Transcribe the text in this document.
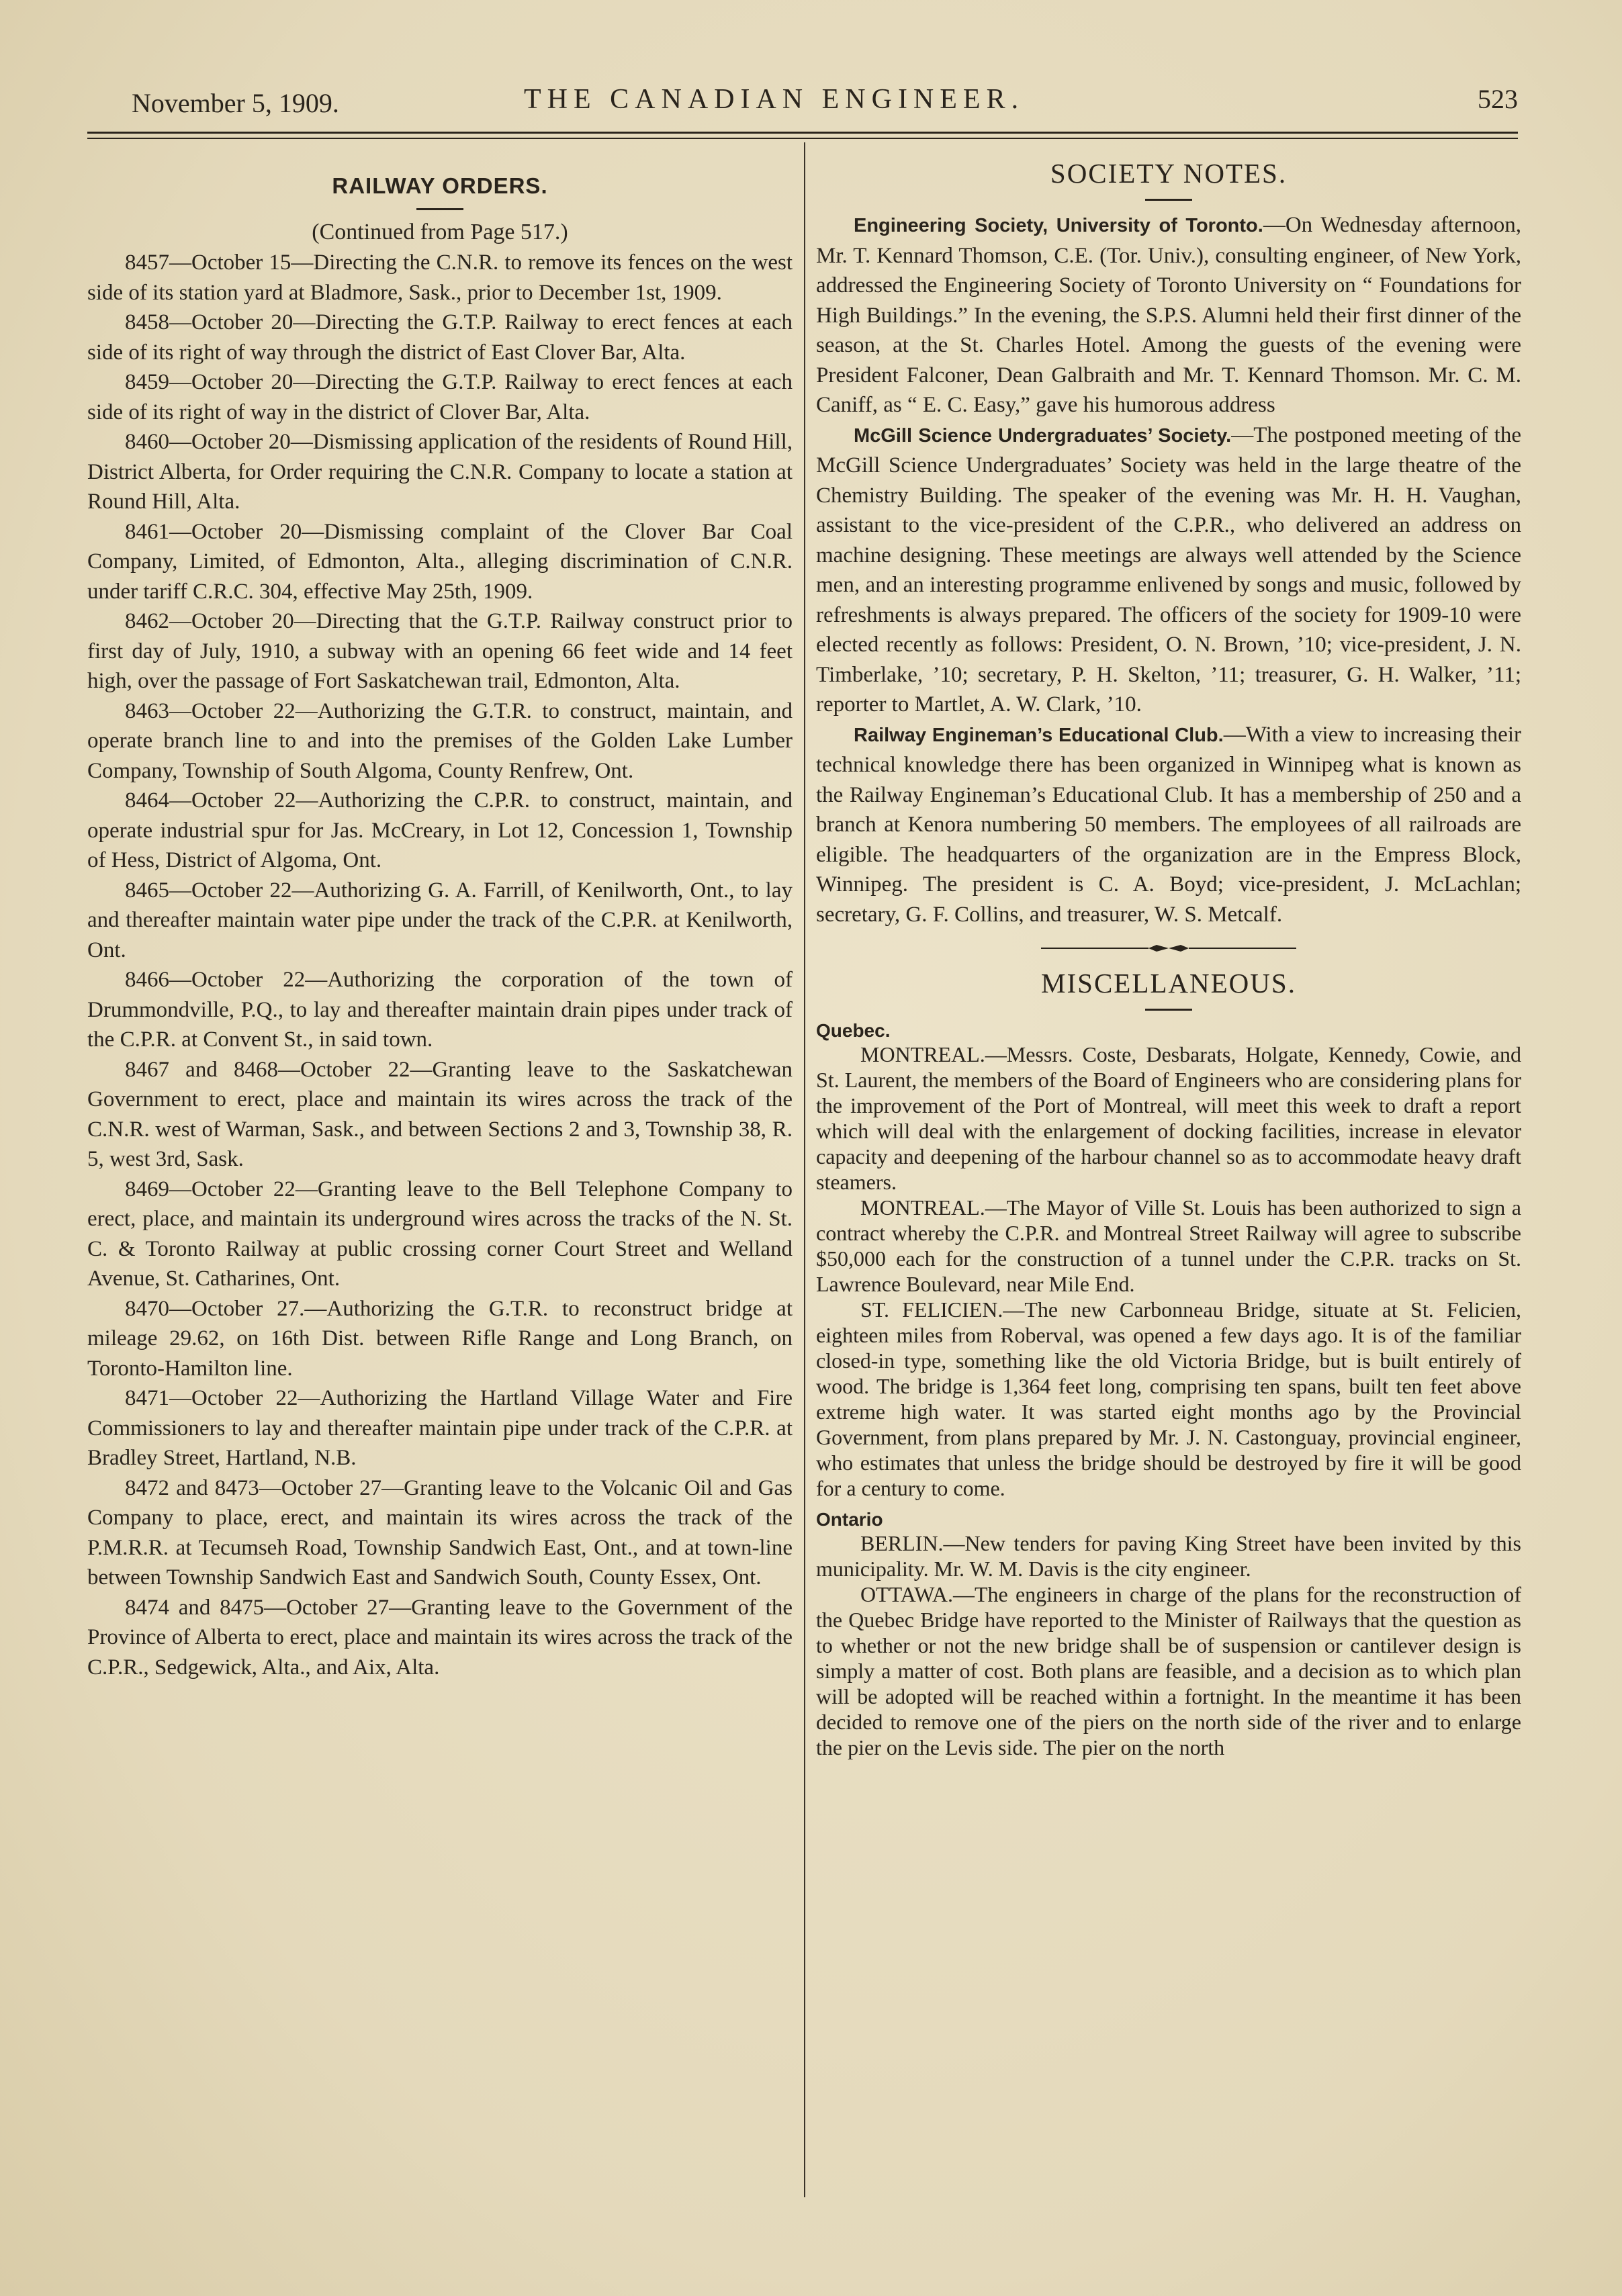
November 5, 1909.	THE CANADIAN ENGINEER.	523
RAILWAY ORDERS.
(Continued from Page 517.)

8457—October 15—Directing the C.N.R. to remove its fences on the west side of its station yard at Bladmore, Sask., prior to December 1st, 1909.

8458—October 20—Directing the G.T.P. Railway to erect fences at each side of its right of way through the district of East Clover Bar, Alta.

8459—October 20—Directing the G.T.P. Railway to erect fences at each side of its right of way in the district of Clover Bar, Alta.

8460—October 20—Dismissing application of the residents of Round Hill, District Alberta, for Order requiring the C.N.R. Company to locate a station at Round Hill, Alta.

8461—October 20—Dismissing complaint of the Clover Bar Coal Company, Limited, of Edmonton, Alta., alleging discrimination of C.N.R. under tariff C.R.C. 304, effective May 25th, 1909.

8462—October 20—Directing that the G.T.P. Railway construct prior to first day of July, 1910, a subway with an opening 66 feet wide and 14 feet high, over the passage of Fort Saskatchewan trail, Edmonton, Alta.

8463—October 22—Authorizing the G.T.R. to construct, maintain, and operate branch line to and into the premises of the Golden Lake Lumber Company, Township of South Algoma, County Renfrew, Ont.

8464—October 22—Authorizing the C.P.R. to construct, maintain, and operate industrial spur for Jas. McCreary, in Lot 12, Concession 1, Township of Hess, District of Algoma, Ont.

8465—October 22—Authorizing G. A. Farrill, of Kenilworth, Ont., to lay and thereafter maintain water pipe under the track of the C.P.R. at Kenilworth, Ont.

8466—October 22—Authorizing the corporation of the town of Drummondville, P.Q., to lay and thereafter maintain drain pipes under track of the C.P.R. at Convent St., in said town.

8467 and 8468—October 22—Granting leave to the Saskatchewan Government to erect, place and maintain its wires across the track of the C.N.R. west of Warman, Sask., and between Sections 2 and 3, Township 38, R. 5, west 3rd, Sask.

8469—October 22—Granting leave to the Bell Telephone Company to erect, place, and maintain its underground wires across the tracks of the N. St. C. & Toronto Railway at public crossing corner Court Street and Welland Avenue, St. Catharines, Ont.

8470—October 27.—Authorizing the G.T.R. to reconstruct bridge at mileage 29.62, on 16th Dist. between Rifle Range and Long Branch, on Toronto-Hamilton line.

8471—October 22—Authorizing the Hartland Village Water and Fire Commissioners to lay and thereafter maintain pipe under track of the C.P.R. at Bradley Street, Hartland, N.B.

8472 and 8473—October 27—Granting leave to the Volcanic Oil and Gas Company to place, erect, and maintain its wires across the track of the P.M.R.R. at Tecumseh Road, Township Sandwich East, Ont., and at town-line between Township Sandwich East and Sandwich South, County Essex, Ont.

8474 and 8475—October 27—Granting leave to the Government of the Province of Alberta to erect, place and maintain its wires across the track of the C.P.R., Sedgewick, Alta., and Aix, Alta.

SOCIETY NOTES.

Engineering Society, University of Toronto.—On Wednesday afternoon, Mr. T. Kennard Thomson, C.E. (Tor. Univ.), consulting engineer, of New York, addressed the Engineering Society of Toronto University on “ Foundations for High Buildings.” In the evening, the S.P.S. Alumni held their first dinner of the season, at the St. Charles Hotel. Among the guests of the evening were President Falconer, Dean Galbraith and Mr. T. Kennard Thomson. Mr. C. M. Caniff, as “ E. C. Easy,” gave his humorous address

McGill Science Undergraduates’ Society.—The postponed meeting of the McGill Science Undergraduates’ Society was held in the large theatre of the Chemistry Building. The speaker of the evening was Mr. H. H. Vaughan, assistant to the vice-president of the C.P.R., who delivered an address on machine designing. These meetings are always well attended by the Science men, and an interesting programme enlivened by songs and music, followed by refreshments is always prepared. The officers of the society for 1909-10 were elected recently as follows: President, O. N. Brown, ’10; vice-president, J. N. Timberlake, ’10; secretary, P. H. Skelton, ’11; treasurer, G. H. Walker, ’11; reporter to Martlet, A. W. Clark, ’10.

Railway Engineman’s Educational Club.—With a view to increasing their technical knowledge there has been organized in Winnipeg what is known as the Railway Engineman’s Educational Club. It has a membership of 250 and a branch at Kenora numbering 50 members. The employees of all railroads are eligible. The headquarters of the organization are in the Empress Block, Winnipeg. The president is C. A. Boyd; vice-president, J. McLachlan; secretary, G. F. Collins, and treasurer, W. S. Metcalf.

MISCELLANEOUS.
Quebec.

MONTREAL.—Messrs. Coste, Desbarats, Holgate, Kennedy, Cowie, and St. Laurent, the members of the Board of Engineers who are considering plans for the improvement of the Port of Montreal, will meet this week to draft a report which will deal with the enlargement of docking facilities, increase in elevator capacity and deepening of the harbour channel so as to accommodate heavy draft steamers.

MONTREAL.—The Mayor of Ville St. Louis has been authorized to sign a contract whereby the C.P.R. and Montreal Street Railway will agree to subscribe $50,000 each for the construction of a tunnel under the C.P.R. tracks on St. Lawrence Boulevard, near Mile End.

ST. FELICIEN.—The new Carbonneau Bridge, situate at St. Felicien, eighteen miles from Roberval, was opened a few days ago. It is of the familiar closed-in type, something like the old Victoria Bridge, but is built entirely of wood. The bridge is 1,364 feet long, comprising ten spans, built ten feet above extreme high water. It was started eight months ago by the Provincial Government, from plans prepared by Mr. J. N. Castonguay, provincial engineer, who estimates that unless the bridge should be destroyed by fire it will be good for a century to come.

Ontario

BERLIN.—New tenders for paving King Street have been invited by this municipality. Mr. W. M. Davis is the city engineer.

OTTAWA.—The engineers in charge of the plans for the reconstruction of the Quebec Bridge have reported to the Minister of Railways that the question as to whether or not the new bridge shall be of suspension or cantilever design is simply a matter of cost. Both plans are feasible, and a decision as to which plan will be adopted will be reached within a fortnight. In the meantime it has been decided to remove one of the piers on the north side of the river and to enlarge the pier on the Levis side. The pier on the north
